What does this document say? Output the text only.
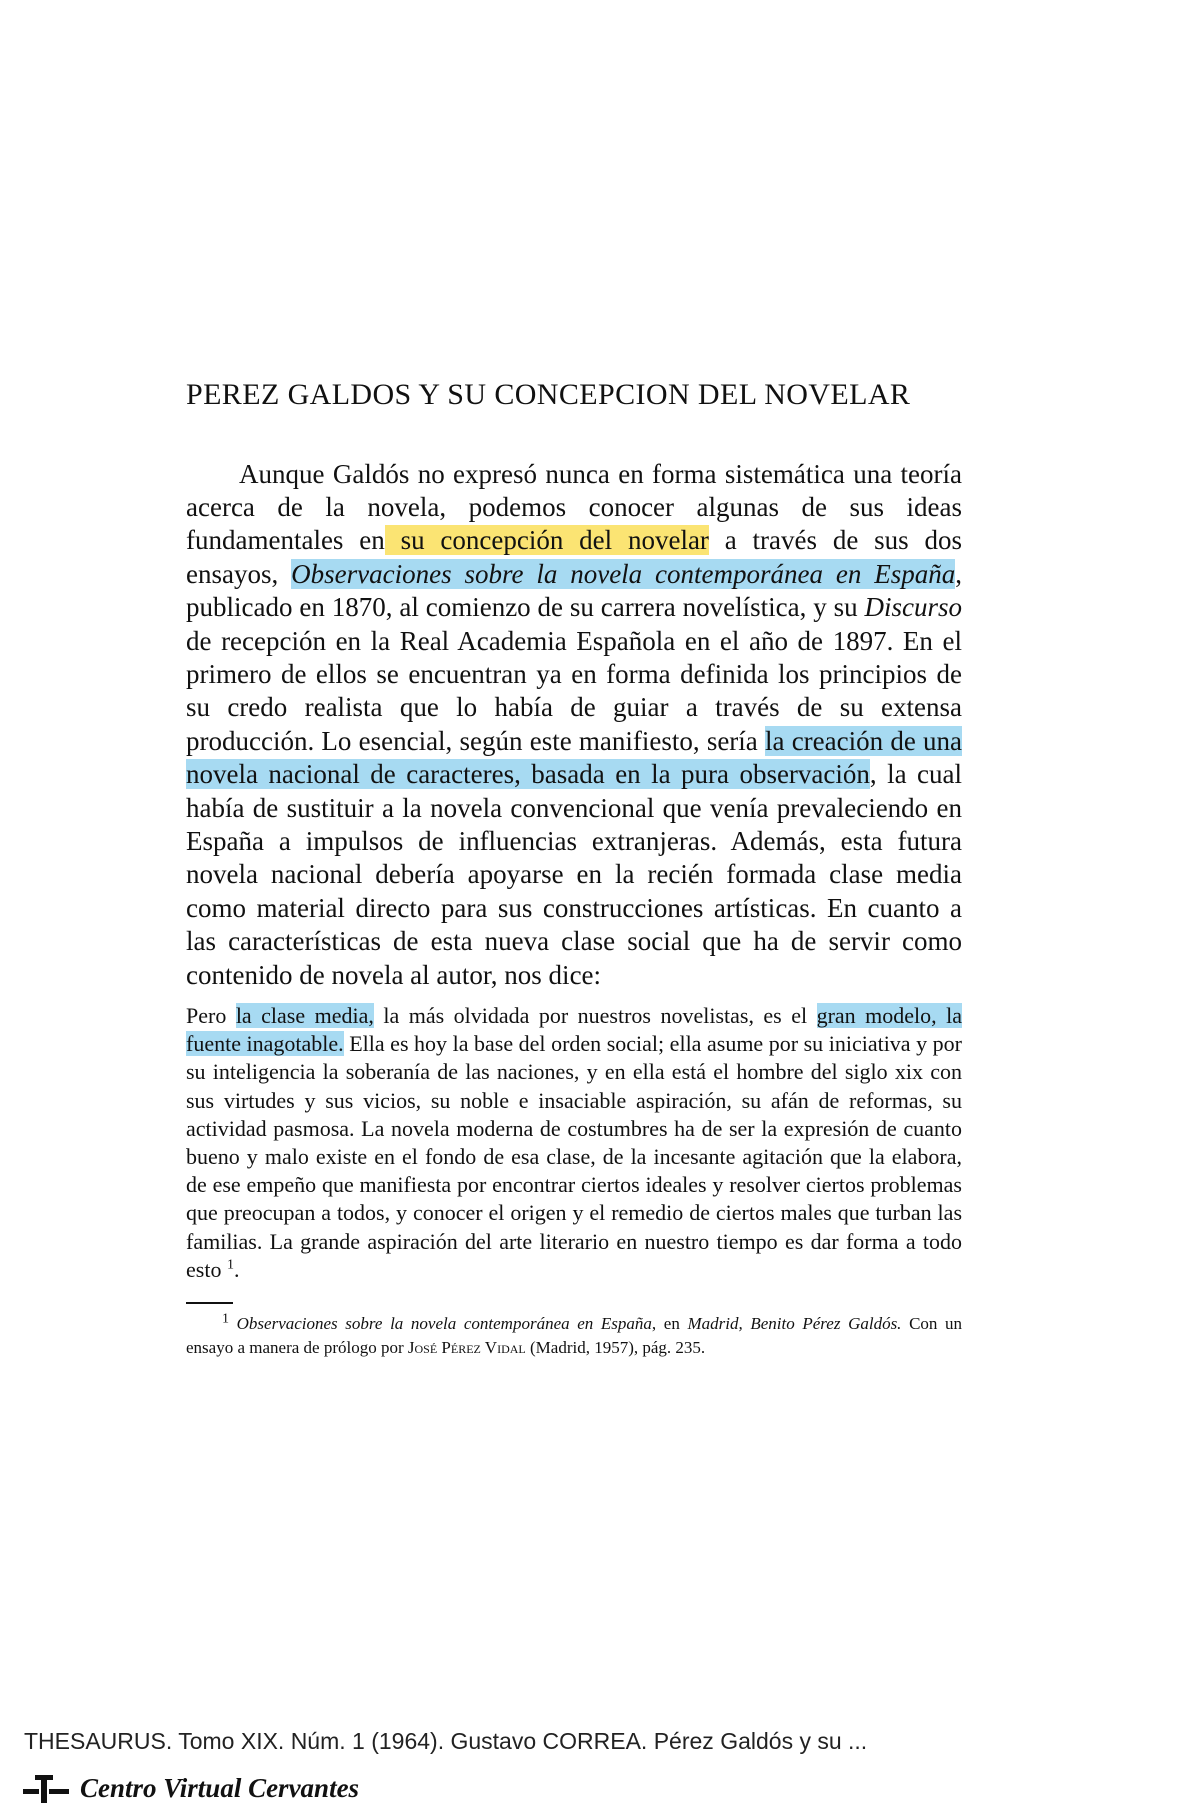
PEREZ GALDOS Y SU CONCEPCION DEL NOVELAR

Aunque Galdós no expresó nunca en forma sistemática una teoría acerca de la novela, podemos conocer algunas de sus ideas fundamentales en su concepción del novelar a través de sus dos ensayos, Observaciones sobre la novela contemporánea en España, publicado en 1870, al comienzo de su carrera novelística, y su Discurso de recepción en la Real Academia Española en el año de 1897. En el primero de ellos se encuentran ya en forma definida los principios de su credo realista que lo había de guiar a través de su extensa producción. Lo esencial, según este manifiesto, sería la creación de una novela nacional de caracteres, basada en la pura observación, la cual había de sustituir a la novela convencional que venía prevaleciendo en España a impulsos de influencias extranjeras. Además, esta futura novela nacional debería apoyarse en la recién formada clase media como material directo para sus construcciones artísticas. En cuanto a las características de esta nueva clase social que ha de servir como contenido de novela al autor, nos dice:

Pero la clase media, la más olvidada por nuestros novelistas, es el gran modelo, la fuente inagotable. Ella es hoy la base del orden social; ella asume por su iniciativa y por su inteligencia la soberanía de las naciones, y en ella está el hombre del siglo xix con sus virtudes y sus vicios, su noble e insaciable aspiración, su afán de reformas, su actividad pasmosa. La novela moderna de costumbres ha de ser la expresión de cuanto bueno y malo existe en el fondo de esa clase, de la incesante agitación que la elabora, de ese empeño que manifiesta por encontrar ciertos ideales y resolver ciertos problemas que preocupan a todos, y conocer el origen y el remedio de ciertos males que turban las familias. La grande aspiración del arte literario en nuestro tiempo es dar forma a todo esto $^1$.

$^1$ Observaciones sobre la novela contemporánea en España, en Madrid, Benito Pérez Galdós. Con un ensayo a manera de prólogo por José Pérez Vidal (Madrid, 1957), pág. 235.

THESAURUS. Tomo XIX. Núm. 1 (1964). Gustavo CORREA. Pérez Galdós y su ...
Centro Virtual Cervantes
